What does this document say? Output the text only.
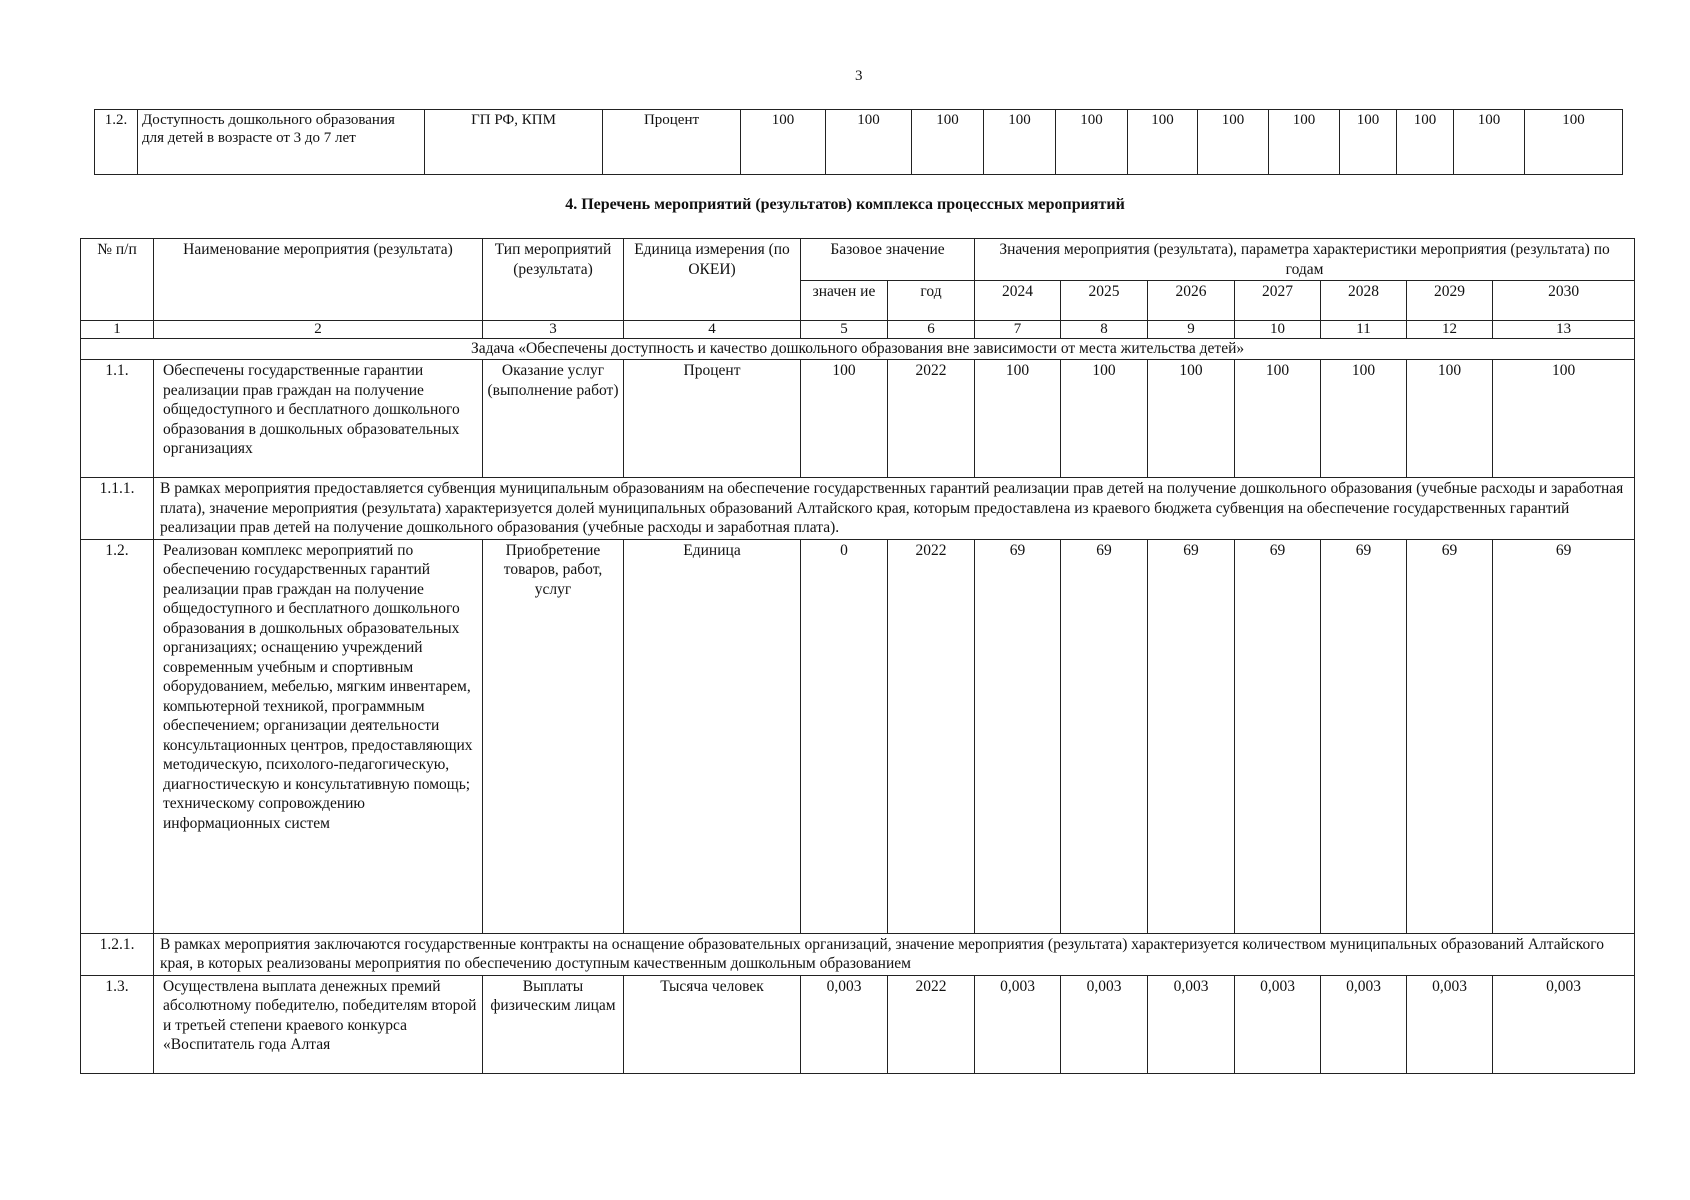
3
1.2.	Доступность дошкольного образования для детей в возрасте от 3 до 7 лет	ГП РФ, КПМ	Процент	100	100	100	100	100	100	100	100	100	100	100	100
4. Перечень мероприятий (результатов) комплекса процессных мероприятий
№ п/п	Наименование мероприятия (результата)	Тип мероприятий (результата)	Единица измерения (по ОКЕИ)	Базовое значение		Значения мероприятия (результата), параметра характеристики мероприятия (результата) по годам						
				значен ие	год	2024	2025	2026	2027	2028	2029	2030
1	2	3	4	5	6	7	8	9	10	11	12	13
Задача «Обеспечены доступность и качество дошкольного образования вне зависимости от места жительства детей»												
1.1.	Обеспечены государственные гарантии реализации прав граждан на получение общедоступного и бесплатного дошкольного образования в дошкольных образовательных организациях	Оказание услуг (выполнение работ)	Процент	100	2022	100	100	100	100	100	100	100
1.1.1.	В рамках мероприятия предоставляется субвенция муниципальным образованиям на обеспечение государственных гарантий реализации прав детей на получение дошкольного образования (учебные расходы и заработная плата), значение мероприятия (результата) характеризуется долей муниципальных образований Алтайского края, которым предоставлена из краевого бюджета субвенция на обеспечение государственных гарантий реализации прав детей на получение дошкольного образования (учебные расходы и заработная плата).											
1.2.	Реализован комплекс мероприятий по обеспечению государственных гарантий реализации прав граждан на получение общедоступного и бесплатного дошкольного образования в дошкольных образовательных организациях; оснащению учреждений современным учебным и спортивным оборудованием, мебелью, мягким инвентарем, компьютерной техникой, программным обеспечением; организации деятельности консультационных центров, предоставляющих методическую, психолого-педагогическую, диагностическую и консультативную помощь; техническому сопровождению информационных систем	Приобретение товаров, работ, услуг	Единица	0	2022	69	69	69	69	69	69	69
1.2.1.	В рамках мероприятия заключаются государственные контракты на оснащение образовательных организаций, значение мероприятия (результата) характеризуется количеством муниципальных образований Алтайского края, в которых реализованы мероприятия по обеспечению доступным качественным дошкольным образованием											
1.3.	Осуществлена выплата денежных премий абсолютному победителю, победителям второй и третьей степени краевого конкурса «Воспитатель года Алтая	Выплаты физическим лицам	Тысяча человек	0,003	2022	0,003	0,003	0,003	0,003	0,003	0,003	0,003
